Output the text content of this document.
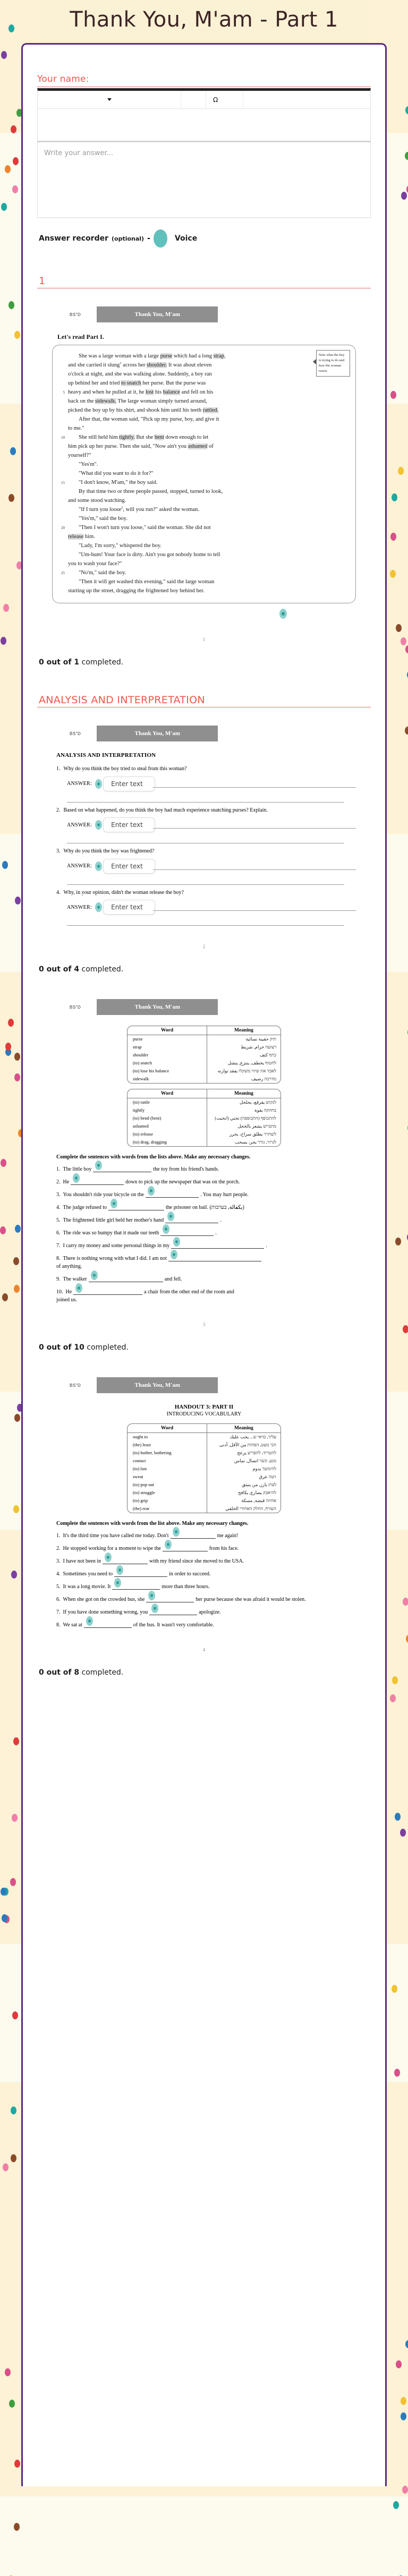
Thank You, M'am - Part 1
Your name:
Ω
Write your answer...
Answer recorder (optional) -	Voice
1
BS"D	Thank You, M'am
Let's read Part I.
She was a large woman with a large purse which had a long strap,
and she carried it slung$^1$ across her shoulder. It was about eleven
o'clock at night, and she was walking alone. Suddenly, a boy ran
up behind her and tried to snatch her purse. But the purse was
5 heavy and when he pulled at it, he lost his balance and fell on his
back on the sidewalk. The large woman simply turned around,
picked the boy up by his shirt, and shook him until his teeth rattled.
After that, the woman said, "Pick up my purse, boy, and give it
to me."
10	She still held him tightly. But she bent down enough to let
him pick up her purse. Then she said, "Now ain't you ashamed of
yourself?"
"Yes'm".
"What did you want to do it for?"
15	"I don't know, M'am," the boy said.
By that time two or three people passed, stopped, turned to look,
and some stood watching.
"If I turn you loose$^2$, will you run?" asked the woman.
"Yes'm," said the boy.
20	"Then I won't turn you loose," said the woman. She did not
release him.
"Lady, I'm sorry," whispered the boy.
"Um-hum! Your face is dirty. Ain't you got nobody home to tell
you to wash your face?"
25	"No'm," said the boy.
"Then it will get washed this evening," said the large woman
starting up the street, dragging the frightened boy behind her.
Note what the boy is trying to do and how the woman reacts.
1
0 out of 1 completed.
ANALYSIS AND INTERPRETATION
BS"D	Thank You, M'am
ANALYSIS AND INTERPRETATION
1. Why do you think the boy tried to steal from this woman?
ANSWER:	Enter text
2. Based on what happened, do you think the boy had much experience snatching purses? Explain.
ANSWER:	Enter text
3. Why do you think the boy was frightened?
ANSWER:	Enter text
4. Why, in your opinion, didn't the woman release the boy?
ANSWER:	Enter text
2
0 out of 4 completed.
BS"D	Thank You, M'am
Word	Meaning
purse	תיק حقيبة نسائية
strap	רצועה حزام, شريط
shoulder	כתף كتف
(to) snatch	לחטוף يخطف, ينتزع, ينشل
(to) lose his balance	לאבד את שיווי משקלו يفقد توازنه
sidewalk	מדרכה رصيف
Word	Meaning
(to) rattle	לנקוש يقرقع، يجلجل
tightly	בחוזקה بقوة
(to) bend (bent)	להתכופף (התכופפה) تحني (انحنت)
ashamed	מתבייש يشعر بالخجل
(to) release	לשחרר يطلق سراح، يحرر
(to) drag, dragging	לגרור, גורר يجر، يسحب
Complete the sentences with words from the lists above. Make any necessary changes.
1. The little boy	the toy from his friend's hands.
2. He	down to pick up the newspaper that was on the porch.
3. You shouldn't ride your bicycle on the	. You may hurt people.
4. The judge refused to	the prisoner on bail. (بكفالة, בערבות)
5. The frightened little girl held her mother's hand	.
6. The ride was so bumpy that it made our teeth	.
7. I carry my money and some personal things in my	.
8. There is nothing wrong with what I did. I am not
of anything.
9. The walker	and fell.
10. He	a chair from the other end of the room and
joined us.
3
0 out of 10 completed.
BS"D	Thank You, M'am
HANDOUT 3: PART II
INTRODUCING VOCABULARY
Word	Meaning
ought to	עליך, כדאי ש... يجب عليك
(the) least	הכי מעט, הפחות من الأقل, أدنى
(to) bother, bothering	להטריד، להפריע يزعج
contact	מגע, קשר اتصال, تماس
(to) last	להימשך يدوم
sweat	זיעה عرق
(to) pop out	לצוץ بارز, من ينبثق
(to) struggle	להיאבק يصارع, يكافح
(to) grip	אחיזה قبضة, مسكة
(the) rear	העורף, החלק האחורי الخلفي
Complete the sentences with words from the list above. Make any necessary changes.
1. It's the third time you have called me today. Don't	me again!
2. He stopped working for a moment to wipe the	from his face.
3. I have not been in	with my friend since she moved to the USA.
4. Sometimes you need to	in order to succeed.
5. It was a long movie. It	more than three hours.
6. When she got on the crowded bus, she	her purse because she was afraid it would be stolen.
7. If you have done something wrong, you	apologize.
8. We sat at	of the bus. It wasn't very comfortable.
4
0 out of 8 completed.
